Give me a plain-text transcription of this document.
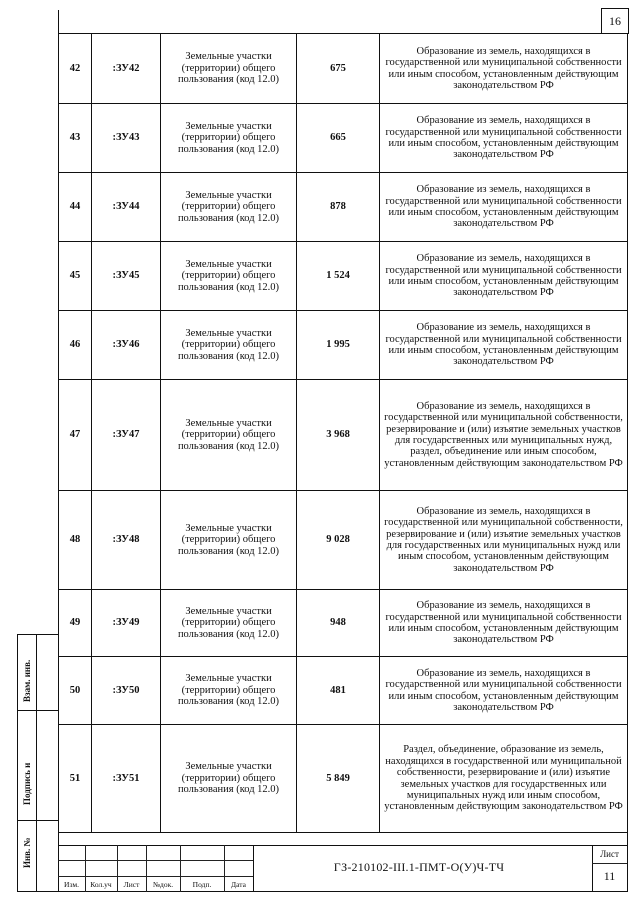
16
Взам. инв.
Подпись и
Инв. №
42	:ЗУ42	Земельные участки (территории) общего пользования (код 12.0)	675	Образование из земель, находящихся в государственной или муниципальной собственности или иным способом, установленным действующим законодательством РФ
43	:ЗУ43	Земельные участки (территории) общего пользования (код 12.0)	665	Образование из земель, находящихся в государственной или муниципальной собственности или иным способом, установленным действующим законодательством РФ
44	:ЗУ44	Земельные участки (территории) общего пользования (код 12.0)	878	Образование из земель, находящихся в государственной или муниципальной собственности или иным способом, установленным действующим законодательством РФ
45	:ЗУ45	Земельные участки (территории) общего пользования (код 12.0)	1 524	Образование из земель, находящихся в государственной или муниципальной собственности или иным способом, установленным действующим законодательством РФ
46	:ЗУ46	Земельные участки (территории) общего пользования (код 12.0)	1 995	Образование из земель, находящихся в государственной или муниципальной собственности или иным способом, установленным действующим законодательством РФ
47	:ЗУ47	Земельные участки (территории) общего пользования (код 12.0)	3 968	Образование из земель, находящихся в государственной или муниципальной собственности, резервирование и (или) изъятие земельных участков для государственных или муниципальных нужд, раздел, объединение или иным способом, установленным действующим законодательством РФ
48	:ЗУ48	Земельные участки (территории) общего пользования (код 12.0)	9 028	Образование из земель, находящихся в государственной или муниципальной собственности, резервирование и (или) изъятие земельных участков для государственных или муниципальных нужд или иным способом, установленным действующим законодательством РФ
49	:ЗУ49	Земельные участки (территории) общего пользования (код 12.0)	948	Образование из земель, находящихся в государственной или муниципальной собственности или иным способом, установленным действующим законодательством РФ
50	:ЗУ50	Земельные участки (территории) общего пользования (код 12.0)	481	Образование из земель, находящихся в государственной или муниципальной собственности или иным способом, установленным действующим законодательством РФ
51	:ЗУ51	Земельные участки (территории) общего пользования (код 12.0)	5 849	Раздел, объединение, образование из земель, находящихся в государственной или муниципальной собственности, резервирование и (или) изъятие земельных участков для государственных или муниципальных нужд или иным способом, установленным действующим законодательством РФ
Изм.	Кол.уч	Лист	№док.	Подп.	Дата
ГЗ-210102-III.1-ПМТ-О(У)Ч-ТЧ
Лист
11
